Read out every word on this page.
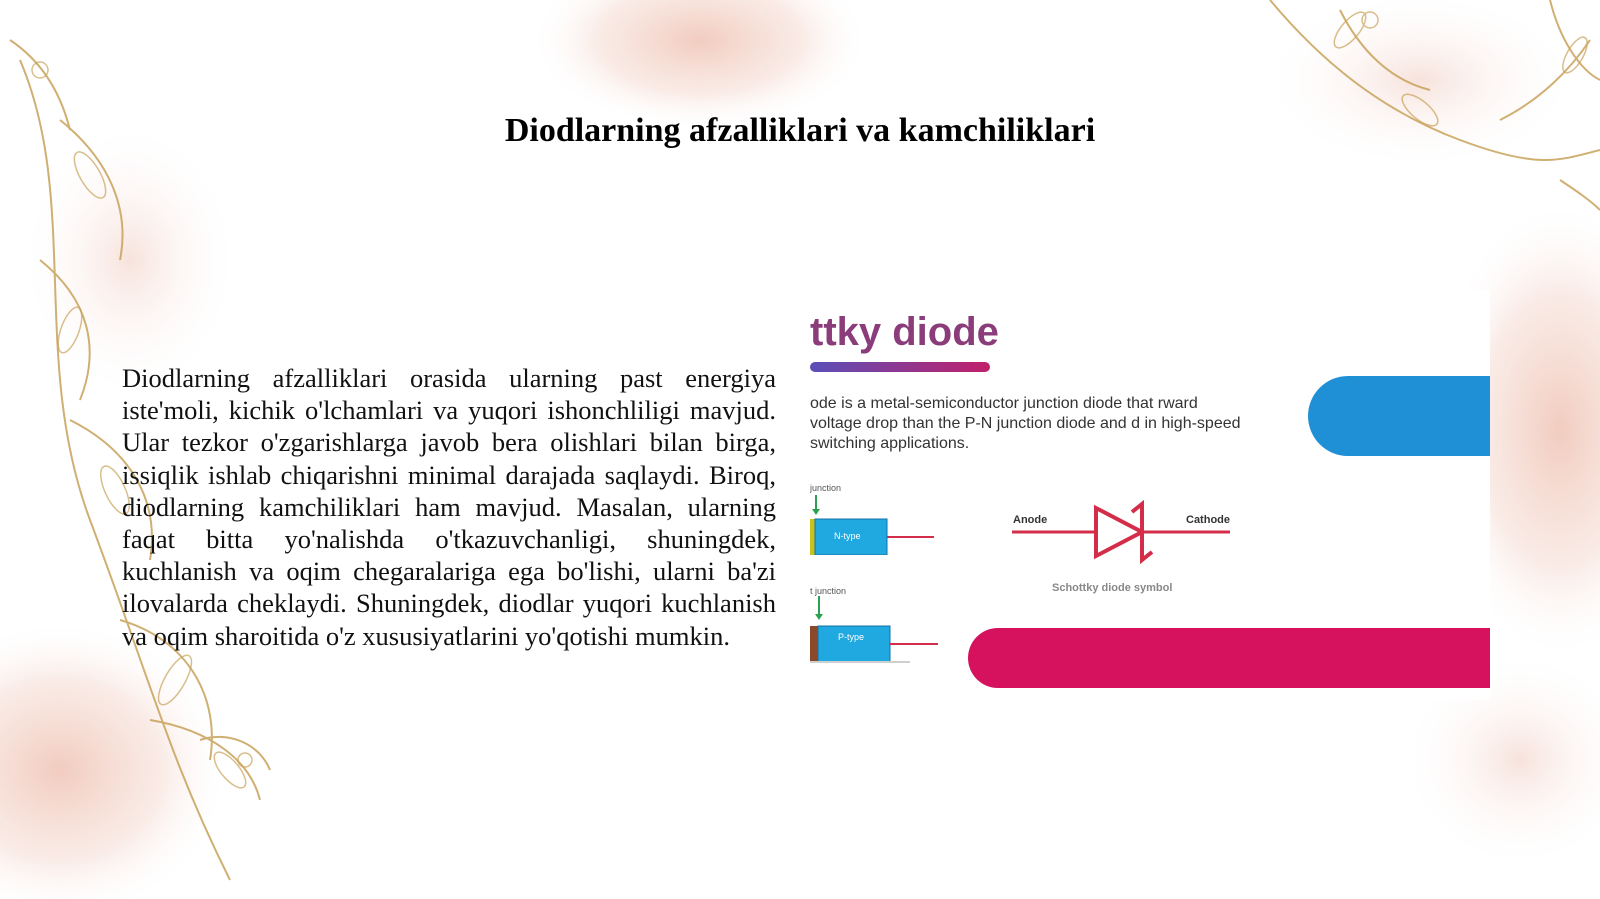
Diodlarning afzalliklari va kamchiliklari
Diodlarning afzalliklari orasida ularning past energiya iste'moli, kichik o'lchamlari va yuqori ishonchliligi mavjud. Ular tezkor o'zgarishlarga javob bera olishlari bilan birga, issiqlik ishlab chiqarishni minimal darajada saqlaydi. Biroq, diodlarning kamchiliklari ham mavjud. Masalan, ularning faqat bitta yo'nalishda o'tkazuvchanligi, shuningdek, kuchlanish va oqim chegaralariga ega bo'lishi, ularni ba'zi ilovalarda cheklaydi. Shuningdek, diodlar yuqori kuchlanish va oqim sharoitida o'z xususiyatlarini yo'qotishi mumkin.
ttky diode
ode is a metal-semiconductor junction diode that rward voltage drop than the P-N junction diode and d in high-speed switching applications.
junction
N-type
t junction
P-type
Anode	Cathode
Schottky diode symbol
